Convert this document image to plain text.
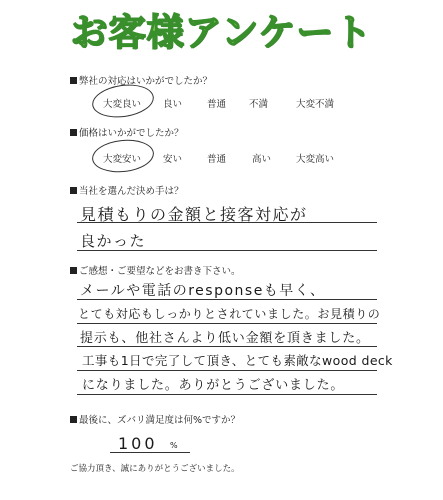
お客様アンケート
弊社の対応はいかがでしたか？
大変良い 良い	普通 不満	大変不満
価格はいかがでしたか？
大変安い 安い	普通	高い	大変高い
当社を選んだ決め手は？
見積もりの金額と接客対応が
良かった
ご感想・ご要望などをお書き下さい。
メールや電話のresponseも早く、
とても対応もしっかりとされていました。お見積りの
提示も、他社さんより低い金額を頂きました。
工事も1日で完了して頂き、とても素敵なwood deck
になりました。ありがとうございました。
最後に、ズバリ満足度は何%ですか？
100 %
ご協力頂き、誠にありがとうございました。
